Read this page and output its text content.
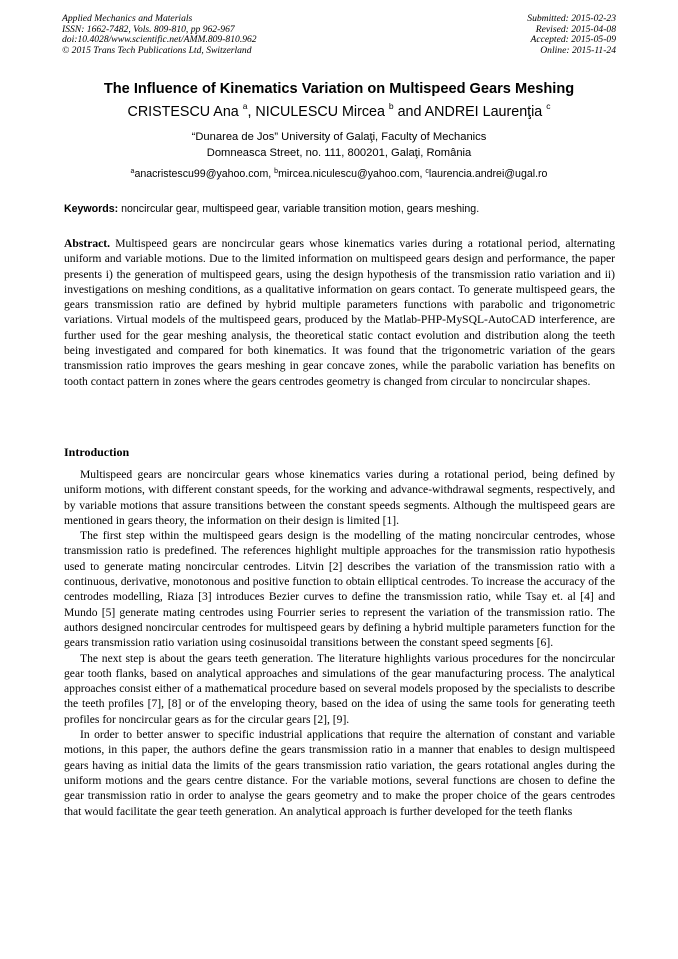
Applied Mechanics and Materials
ISSN: 1662-7482, Vols. 809-810, pp 962-967
doi:10.4028/www.scientific.net/AMM.809-810.962
© 2015 Trans Tech Publications Ltd, Switzerland
Submitted: 2015-02-23
Revised: 2015-04-08
Accepted: 2015-05-09
Online: 2015-11-24
The Influence of Kinematics Variation on Multispeed Gears Meshing
CRISTESCU Ana $^a$, NICULESCU Mircea $^b$ and ANDREI Laurenţia $^c$
“Dunarea de Jos” University of Galaţi, Faculty of Mechanics
Domneasca Street, no. 111, 800201, Galaţi, România
$^a$anacristescu99@yahoo.com, $^b$mircea.niculescu@yahoo.com, $^c$laurencia.andrei@ugal.ro
Keywords: noncircular gear, multispeed gear, variable transition motion, gears meshing.

Abstract. Multispeed gears are noncircular gears whose kinematics varies during a rotational period, alternating uniform and variable motions. Due to the limited information on multispeed gears design and performance, the paper presents i) the generation of multispeed gears, using the design hypothesis of the transmission ratio variation and ii) investigations on meshing conditions, as a qualitative information on gears contact. To generate multispeed gears, the gears transmission ratio are defined by hybrid multiple parameters functions with parabolic and trigonometric variations. Virtual models of the multispeed gears, produced by the Matlab-PHP-MySQL-AutoCAD interference, are further used for the gear meshing analysis, the theoretical static contact evolution and distribution along the teeth being investigated and compared for both kinematics. It was found that the trigonometric variation of the gears transmission ratio improves the gears meshing in gear concave zones, while the parabolic variation has benefits on tooth contact pattern in zones where the gears centrodes geometry is changed from circular to noncircular shapes.

Introduction

Multispeed gears are noncircular gears whose kinematics varies during a rotational period, being defined by uniform motions, with different constant speeds, for the working and advance-withdrawal segments, respectively, and by variable motions that assure transitions between the constant speeds segments. Although the multispeed gears are mentioned in gears theory, the information on their design is limited [1].

The first step within the multispeed gears design is the modelling of the mating noncircular centrodes, whose transmission ratio is predefined. The references highlight multiple approaches for the transmission ratio hypothesis used to generate mating noncircular centrodes. Litvin [2] describes the variation of the transmission ratio with a continuous, derivative, monotonous and positive function to obtain elliptical centrodes. To increase the accuracy of the centrodes modelling, Riaza [3] introduces Bezier curves to define the transmission ratio, while Tsay et. al [4] and Mundo [5] generate mating centrodes using Fourrier series to represent the variation of the transmission ratio. The authors designed noncircular centrodes for multispeed gears by defining a hybrid multiple parameters function for the gears transmission ratio variation using cosinusoidal transitions between the constant speed segments [6].

The next step is about the gears teeth generation. The literature highlights various procedures for the noncircular gear tooth flanks, based on analytical approaches and simulations of the gear manufacturing process. The analytical approaches consist either of a mathematical procedure based on several models proposed by the specialists to describe the teeth profiles [7], [8] or of the enveloping theory, based on the idea of using the same tools for generating teeth profiles for noncircular gears as for the circular gears [2], [9].

In order to better answer to specific industrial applications that require the alternation of constant and variable motions, in this paper, the authors define the gears transmission ratio in a manner that enables to design multispeed gears having as initial data the limits of the gears transmission ratio variation, the gears rotational angles during the uniform motions and the gears centre distance. For the variable motions, several functions are chosen to define the gear transmission ratio in order to analyse the gears geometry and to make the proper choice of the gears centrodes that would facilitate the gear teeth generation. An analytical approach is further developed for the teeth flanks
